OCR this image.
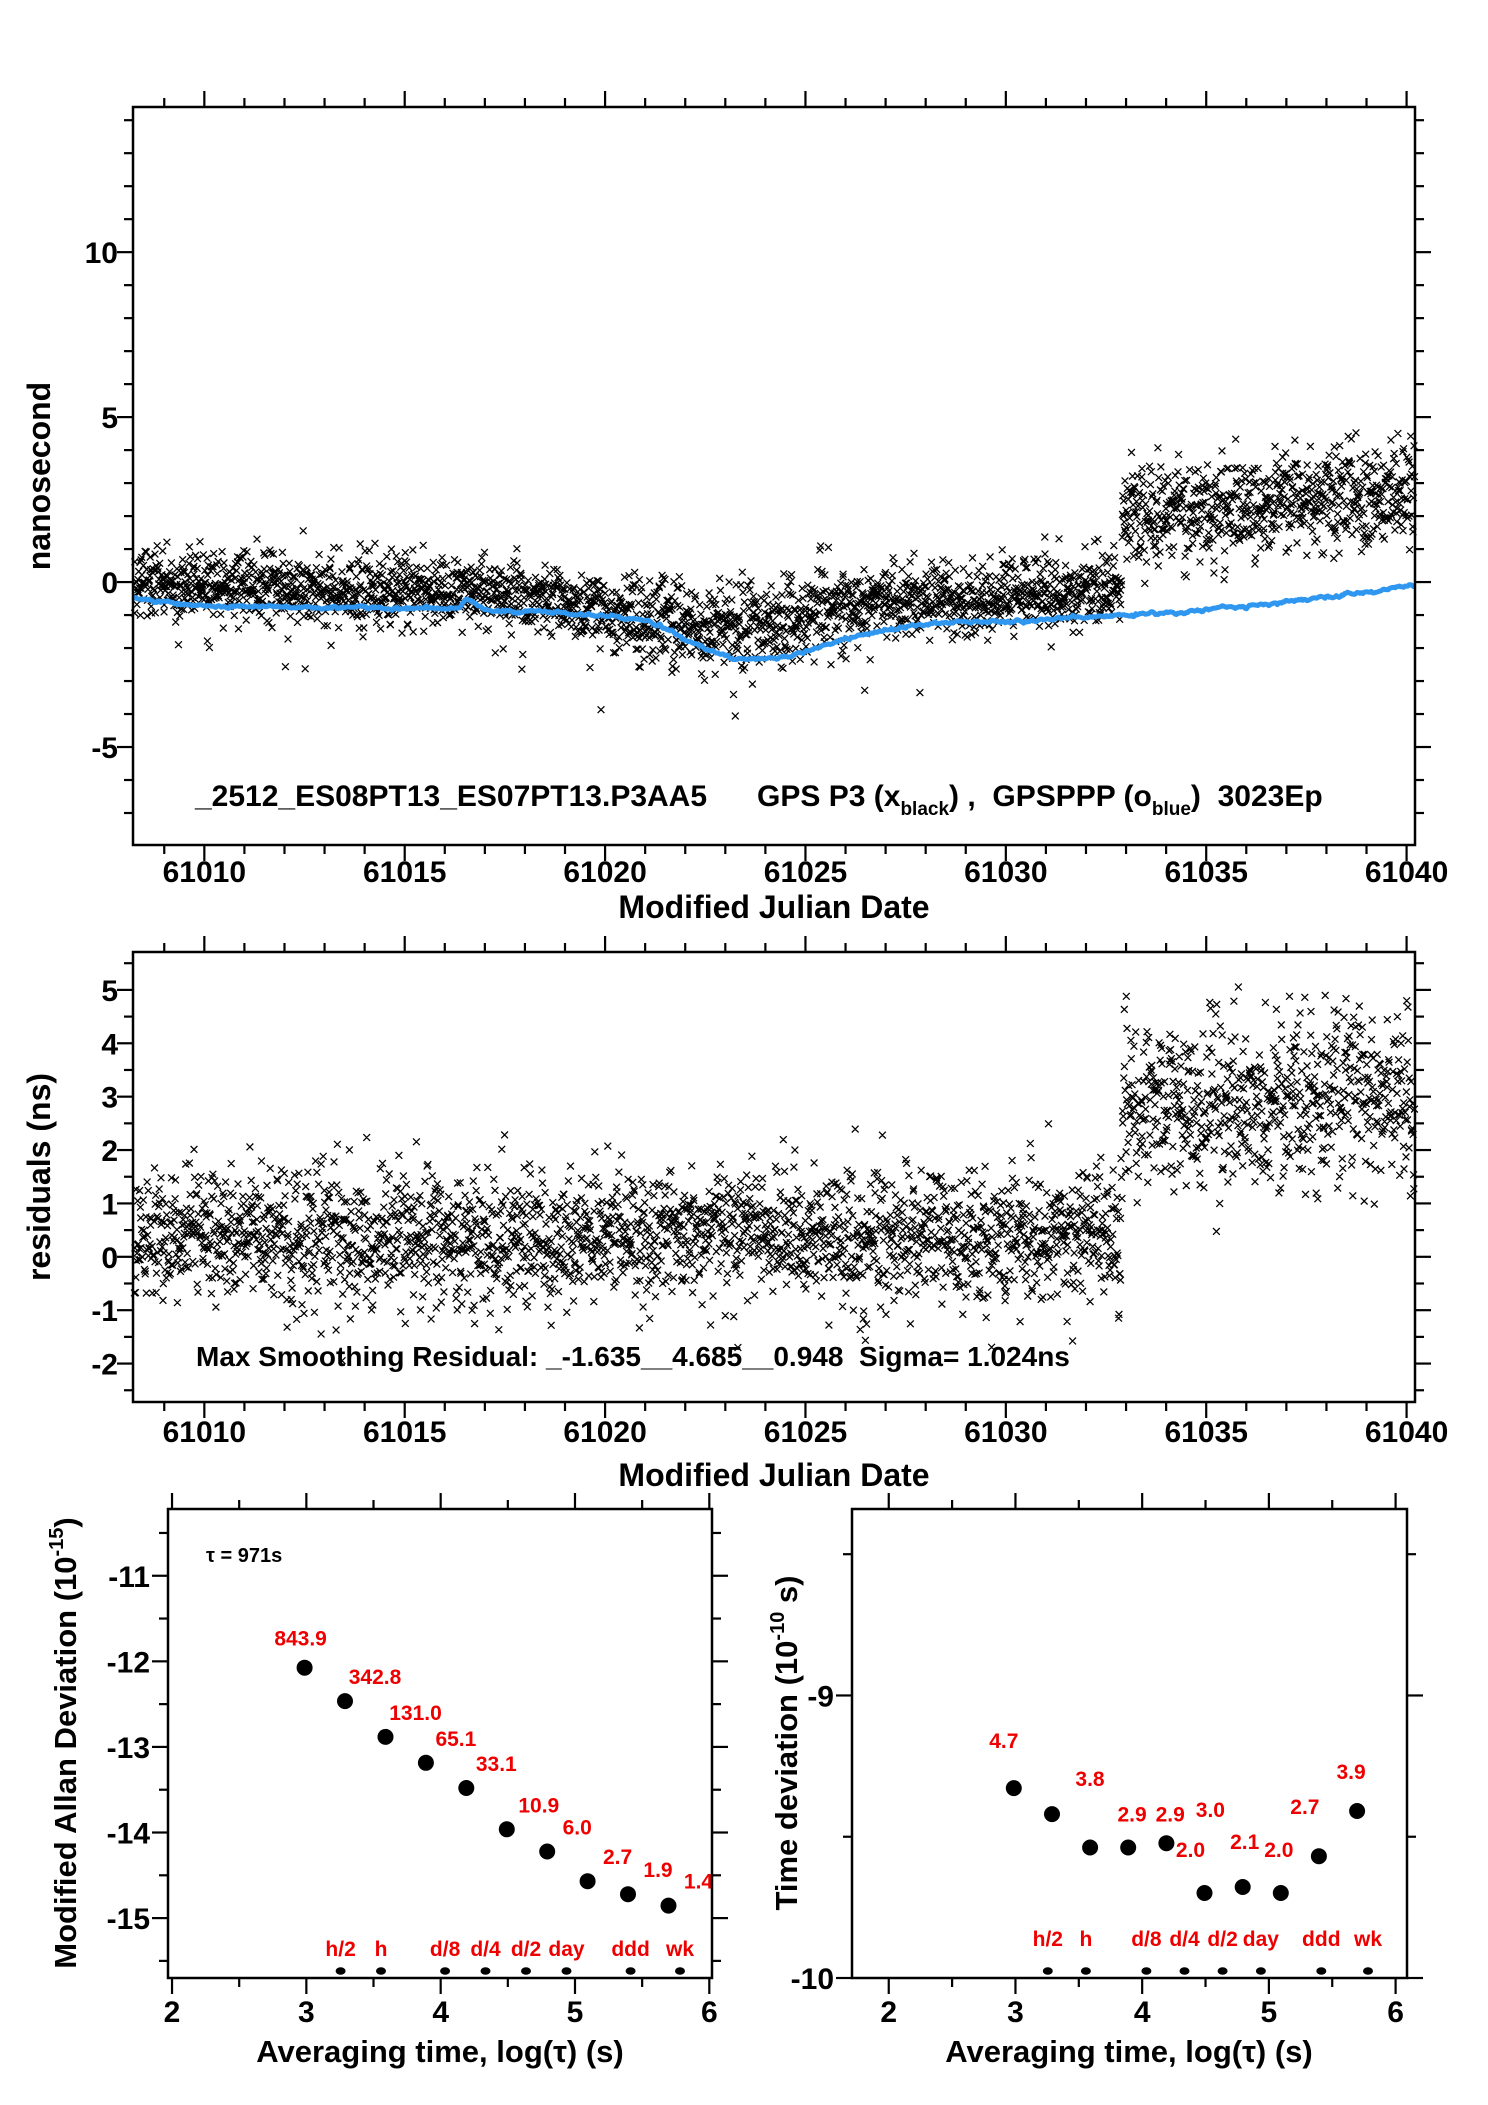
61010	61015	61020	61025	61030	61035	61040
-5
0
5
10
_2512_ES08PT13_ES07PT13.P3AA5      GPS P3 $(x_{black})$ ,  GPSPPP $(o_{blue})$  3023Ep
nanosecond
Modified Julian Date
61010	61015	61020	61025	61030	61035	61040
-2
-1
0
1
2
3
4
5
Max Smoothing Residual: _-1.635__4.685__0.948  Sigma= 1.024ns
residuals (ns)
Modified Julian Date
843.9
342.8
131.0
65.1
33.1
10.9
6.0
2.7
1.9 1.4
h/2 h d/8 d/4 d/2 day ddd wk
2	3	4	5	6
-11
-12
-13
-14
-15
τ = 971s
Modified Allan Deviation $(10^{-15})$
Averaging time, log(τ) (s)
4.7
3.8
2.9 2.9 3.0
2.0 2.1 2.0
2.7
3.9
h/2 h d/8 d/4 d/2 day ddd wk
2	3	4	5	6
-9
-10
Time deviation ($10^{-10}$ s)
Averaging time, log(τ) (s)
